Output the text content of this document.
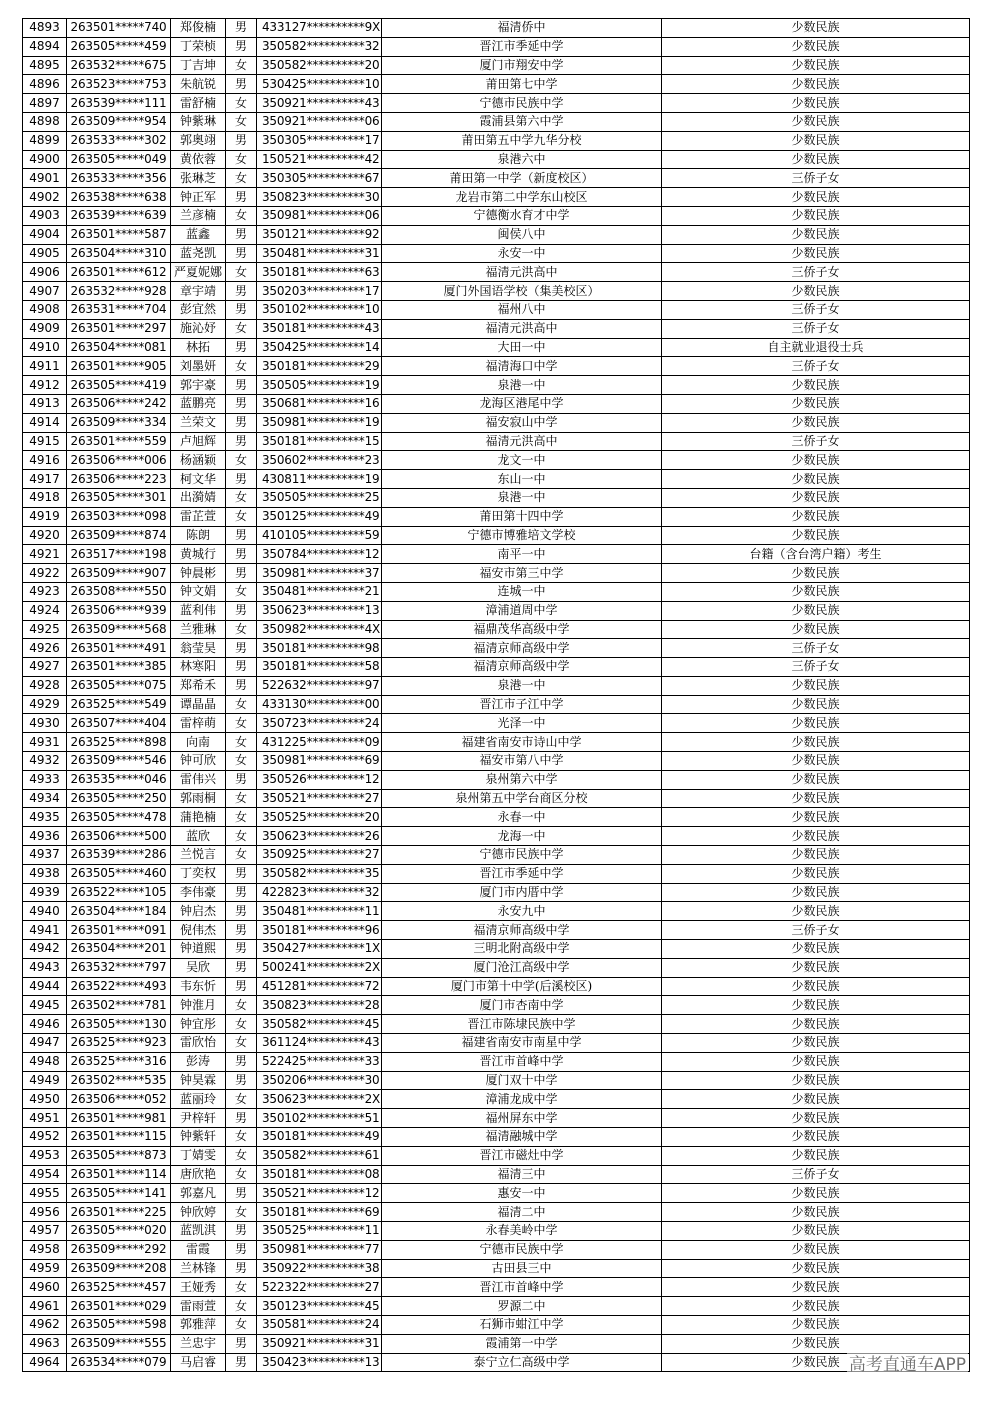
4893	263501*****740	郑俊楠	男	433127**********9X	福清侨中	少数民族
4894	263505*****459	丁荣桢	男	350582**********32	晋江市季延中学	少数民族
4895	263532*****675	丁吉坤	女	350582**********20	厦门市翔安中学	少数民族
4896	263523*****753	朱航锐	男	530425**********10	莆田第七中学	少数民族
4897	263539*****111	雷舒楠	女	350921**********43	宁德市民族中学	少数民族
4898	263509*****954	钟紫琳	女	350921**********06	霞浦县第六中学	少数民族
4899	263533*****302	郭奥翊	男	350305**********17	莆田第五中学九华分校	少数民族
4900	263505*****049	黄依蓉	女	150521**********42	泉港六中	少数民族
4901	263533*****356	张琳芝	女	350305**********67	莆田第一中学（新度校区）	三侨子女
4902	263538*****638	钟正军	男	350823**********30	龙岩市第二中学东山校区	少数民族
4903	263539*****639	兰彦楠	女	350981**********06	宁德衡水育才中学	少数民族
4904	263501*****587	蓝鑫	男	350121**********92	闽侯八中	少数民族
4905	263504*****310	蓝尧凯	男	350481**********31	永安一中	少数民族
4906	263501*****612	严夏妮娜	女	350181**********63	福清元洪高中	三侨子女
4907	263532*****928	章宇靖	男	350203**********17	厦门外国语学校（集美校区）	少数民族
4908	263531*****704	彭宜然	男	350102**********10	福州八中	三侨子女
4909	263501*****297	施沁妤	女	350181**********43	福清元洪高中	三侨子女
4910	263504*****081	林拓	男	350425**********14	大田一中	自主就业退役士兵
4911	263501*****905	刘墨妍	女	350181**********29	福清海口中学	三侨子女
4912	263505*****419	郭宇豪	男	350505**********19	泉港一中	少数民族
4913	263506*****242	蓝鹏亮	男	350681**********16	龙海区港尾中学	少数民族
4914	263509*****334	兰荣文	男	350981**********19	福安寂山中学	少数民族
4915	263501*****559	卢旭辉	男	350181**********15	福清元洪高中	三侨子女
4916	263506*****006	杨涵颖	女	350602**********23	龙文一中	少数民族
4917	263506*****223	柯文华	男	430811**********19	东山一中	少数民族
4918	263505*****301	出漪婧	女	350505**********25	泉港一中	少数民族
4919	263503*****098	雷芷萱	女	350125**********49	莆田第十四中学	少数民族
4920	263509*****874	陈朗	男	410105**********59	宁德市博雅培文学校	少数民族
4921	263517*****198	黄城行	男	350784**********12	南平一中	台籍（含台湾户籍）考生
4922	263509*****907	钟晨彬	男	350981**********37	福安市第三中学	少数民族
4923	263508*****550	钟文娟	女	350481**********21	连城一中	少数民族
4924	263506*****939	蓝利伟	男	350623**********13	漳浦道周中学	少数民族
4925	263509*****568	兰雅琳	女	350982**********4X	福鼎茂华高级中学	少数民族
4926	263501*****491	翁莹昊	男	350181**********98	福清京师高级中学	三侨子女
4927	263501*****385	林寒阳	男	350181**********58	福清京师高级中学	三侨子女
4928	263505*****075	郑希禾	男	522632**********97	泉港一中	少数民族
4929	263525*****549	谭晶晶	女	433130**********00	晋江市子江中学	少数民族
4930	263507*****404	雷梓萌	女	350723**********24	光泽一中	少数民族
4931	263525*****898	向南	女	431225**********09	福建省南安市诗山中学	少数民族
4932	263509*****546	钟可欣	女	350981**********69	福安市第八中学	少数民族
4933	263535*****046	雷伟兴	男	350526**********12	泉州第六中学	少数民族
4934	263505*****250	郭雨桐	女	350521**********27	泉州第五中学台商区分校	少数民族
4935	263505*****478	蒲艳楠	女	350525**********20	永春一中	少数民族
4936	263506*****500	蓝欣	女	350623**********26	龙海一中	少数民族
4937	263539*****286	兰悦言	女	350925**********27	宁德市民族中学	少数民族
4938	263505*****460	丁奕权	男	350582**********35	晋江市季延中学	少数民族
4939	263522*****105	李伟豪	男	422823**********32	厦门市内厝中学	少数民族
4940	263504*****184	钟启杰	男	350481**********11	永安九中	少数民族
4941	263501*****091	倪伟杰	男	350181**********96	福清京师高级中学	三侨子女
4942	263504*****201	钟道熙	男	350427**********1X	三明北附高级中学	少数民族
4943	263532*****797	吴欣	男	500241**********2X	厦门沧江高级中学	少数民族
4944	263522*****493	韦东忻	男	451281**********72	厦门市第十中学(后溪校区)	少数民族
4945	263502*****781	钟淮月	女	350823**********28	厦门市杏南中学	少数民族
4946	263505*****130	钟宜彤	女	350582**********45	晋江市陈埭民族中学	少数民族
4947	263525*****923	雷欣怡	女	361124**********43	福建省南安市南星中学	少数民族
4948	263525*****316	彭涛	男	522425**********33	晋江市首峰中学	少数民族
4949	263502*****535	钟昊霖	男	350206**********30	厦门双十中学	少数民族
4950	263506*****052	蓝丽玲	女	350623**********2X	漳浦龙成中学	少数民族
4951	263501*****981	尹梓轩	男	350102**********51	福州屏东中学	少数民族
4952	263501*****115	钟紫轩	女	350181**********49	福清融城中学	少数民族
4953	263505*****873	丁婧雯	女	350582**********61	晋江市磁灶中学	少数民族
4954	263501*****114	唐欣艳	女	350181**********08	福清三中	三侨子女
4955	263505*****141	郭嘉凡	男	350521**********12	惠安一中	少数民族
4956	263501*****225	钟欣婷	女	350181**********69	福清二中	少数民族
4957	263505*****020	蓝凯淇	男	350525**********11	永春美岭中学	少数民族
4958	263509*****292	雷霞	男	350981**********77	宁德市民族中学	少数民族
4959	263509*****208	兰林锋	男	350922**********38	古田县三中	少数民族
4960	263525*****457	王娅秀	女	522322**********27	晋江市首峰中学	少数民族
4961	263501*****029	雷雨萱	女	350123**********45	罗源二中	少数民族
4962	263505*****598	郭雅萍	女	350581**********24	石狮市蚶江中学	少数民族
4963	263509*****555	兰忠宇	男	350921**********31	霞浦第一中学	少数民族
4964	263534*****079	马启睿	男	350423**********13	泰宁立仁高级中学	少数民族 高考直通车APP
